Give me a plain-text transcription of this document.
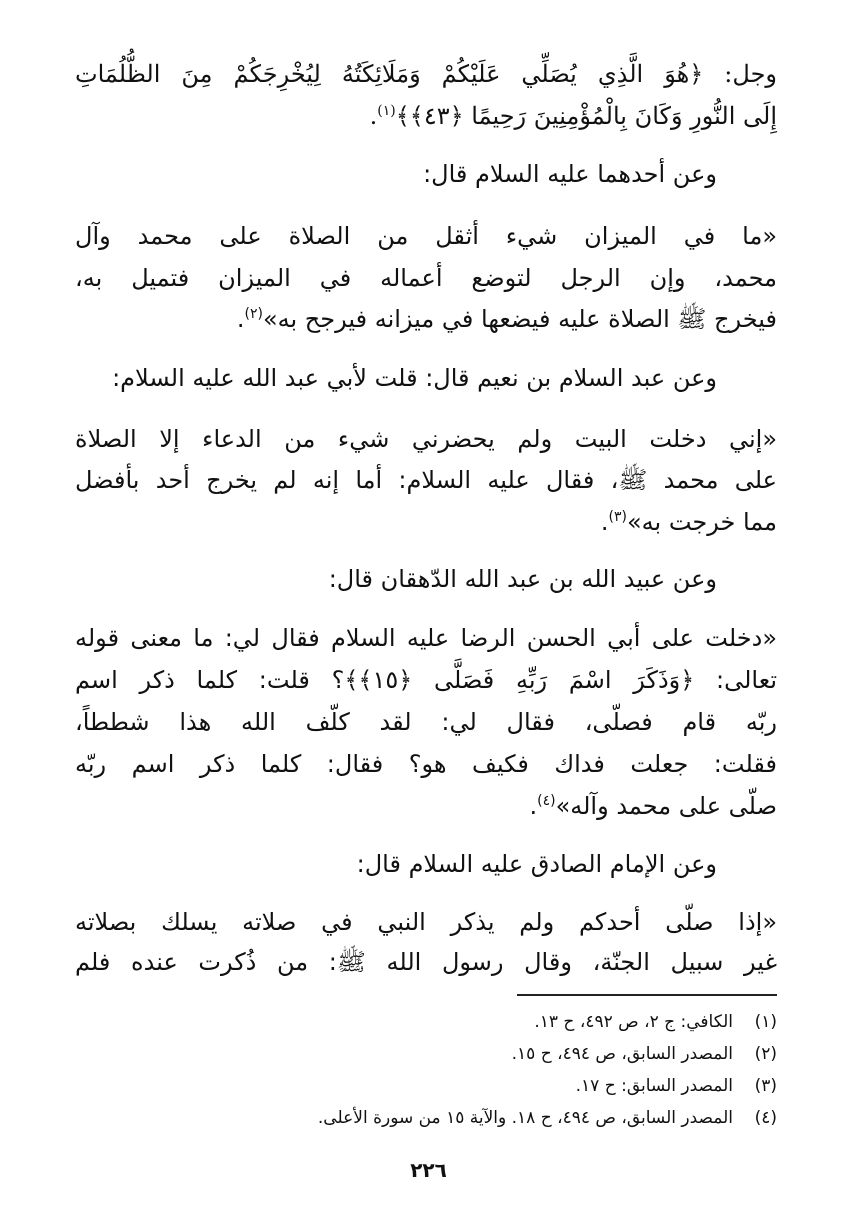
وجل: ﴿هُوَ الَّذِي يُصَلِّي عَلَيْكُمْ وَمَلَائِكَتُهُ لِيُخْرِجَكُمْ مِنَ الظُّلُمَاتِ
إِلَى النُّورِ وَكَانَ بِالْمُؤْمِنِينَ رَحِيمًا ﴿٤٣﴾﴾$^{(١)}$.
وعن أحدهما عليه السلام قال:
«ما في الميزان شيء أثقل من الصلاة على محمد وآل
محمد، وإن الرجل لتوضع أعماله في الميزان فتميل به،
فيخرج ﷺ الصلاة عليه فيضعها في ميزانه فيرجح به»$^{(٢)}$.
وعن عبد السلام بن نعيم قال: قلت لأبي عبد الله عليه السلام:
«إني دخلت البيت ولم يحضرني شيء من الدعاء إلا الصلاة
على محمد ﷺ، فقال عليه السلام: أما إنه لم يخرج أحد بأفضل
مما خرجت به»$^{(٣)}$.
وعن عبيد الله بن عبد الله الدّهقان قال:
«دخلت على أبي الحسن الرضا عليه السلام فقال لي: ما معنى قوله
تعالى: ﴿وَذَكَرَ اسْمَ رَبِّهِ فَصَلَّى ﴿١٥﴾﴾؟ قلت: كلما ذكر اسم
ربّه قام فصلّى، فقال لي: لقد كلّف الله هذا شططاً،
فقلت: جعلت فداك فكيف هو؟ فقال: كلما ذكر اسم ربّه
صلّى على محمد وآله»$^{(٤)}$.
وعن الإمام الصادق عليه السلام قال:
«إذا صلّى أحدكم ولم يذكر النبي في صلاته يسلك بصلاته
غير سبيل الجنّة، وقال رسول الله ﷺ: من ذُكرت عنده فلم
(١)الكافي: ج ٢، ص ٤٩٢، ح ١٣.
(٢)المصدر السابق، ص ٤٩٤، ح ١٥.
(٣)المصدر السابق: ح ١٧.
(٤)المصدر السابق، ص ٤٩٤، ح ١٨. والآية ١٥ من سورة الأعلى.
٢٢٦
